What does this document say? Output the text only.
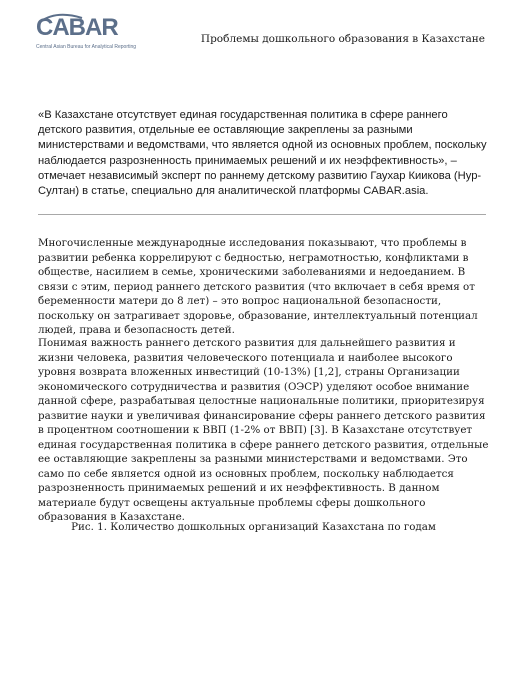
CABAR
Central Asian Bureau for Analytical Reporting
Проблемы дошкольного образования в Казахстане

«В Казахстане отсутствует единая государственная политика в сфере раннего детского развития, отдельные ее оставляющие закреплены за разными министерствами и ведомствами, что является одной из основных проблем, поскольку наблюдается разрозненность принимаемых решений и их неэффективность», – отмечает независимый эксперт по раннему детскому развитию Гаухар Киикова (Нур-Султан) в статье, специально для аналитической платформы CABAR.asia.

Многочисленные международные исследования показывают, что проблемы в развитии ребенка коррелируют с бедностью, неграмотностью, конфликтами в обществе, насилием в семье, хроническими заболеваниями и недоеданием. В связи с этим, период раннего детского развития (что включает в себя время от беременности матери до 8 лет) – это вопрос национальной безопасности, поскольку он затрагивает здоровье, образование, интеллектуальный потенциал людей, права и безопасность детей.

Понимая важность раннего детского развития для дальнейшего развития и жизни человека, развития человеческого потенциала и наиболее высокого уровня возврата вложенных инвестиций (10-13%) [1,2], страны Организации экономического сотрудничества и развития (ОЭСР) уделяют особое внимание данной сфере, разрабатывая целостные национальные политики, приоритезируя развитие науки и увеличивая финансирование сферы раннего детского развития в процентном соотношении к ВВП (1-2% от ВВП) [3]. В Казахстане отсутствует единая государственная политика в сфере раннего детского развития, отдельные ее оставляющие закреплены за разными министерствами и ведомствами. Это само по себе является одной из основных проблем, поскольку наблюдается разрозненность принимаемых решений и их неэффективность. В данном материале будут освещены актуальные проблемы сферы дошкольного образования в Казахстане.

Рис. 1. Количество дошкольных организаций Казахстана по годам
